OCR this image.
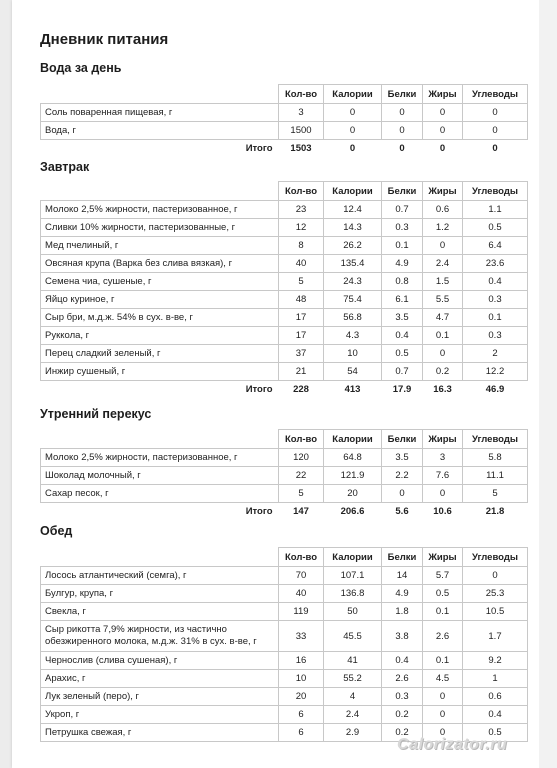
Дневник питания
Вода за день
	Кол-во	Калории	Белки	Жиры	Углеводы
Соль поваренная пищевая, г	3	0	0	0	0
Вода, г	1500	0	0	0	0
Итого	1503	0	0	0	0
Завтрак
	Кол-во	Калории	Белки	Жиры	Углеводы
Молоко 2,5% жирности, пастеризованное, г	23	12.4	0.7	0.6	1.1
Сливки 10% жирности, пастеризованные, г	12	14.3	0.3	1.2	0.5
Мед пчелиный, г	8	26.2	0.1	0	6.4
Овсяная крупа (Варка без слива вязкая), г	40	135.4	4.9	2.4	23.6
Семена чиа, сушеные, г	5	24.3	0.8	1.5	0.4
Яйцо куриное, г	48	75.4	6.1	5.5	0.3
Сыр бри, м.д.ж. 54% в сух. в-ве, г	17	56.8	3.5	4.7	0.1
Руккола, г	17	4.3	0.4	0.1	0.3
Перец сладкий зеленый, г	37	10	0.5	0	2
Инжир сушеный, г	21	54	0.7	0.2	12.2
Итого	228	413	17.9	16.3	46.9
Утренний перекус
	Кол-во	Калории	Белки	Жиры	Углеводы
Молоко 2,5% жирности, пастеризованное, г	120	64.8	3.5	3	5.8
Шоколад молочный, г	22	121.9	2.2	7.6	11.1
Сахар песок, г	5	20	0	0	5
Итого	147	206.6	5.6	10.6	21.8
Обед
	Кол-во	Калории	Белки	Жиры	Углеводы
Лосось атлантический (семга), г	70	107.1	14	5.7	0
Булгур, крупа, г	40	136.8	4.9	0.5	25.3
Свекла, г	119	50	1.8	0.1	10.5
Сыр рикотта 7,9% жирности, из частично обезжиренного молока, м.д.ж. 31% в сух. в-ве, г	33	45.5	3.8	2.6	1.7
Чернослив (слива сушеная), г	16	41	0.4	0.1	9.2
Арахис, г	10	55.2	2.6	4.5	1
Лук зеленый (перо), г	20	4	0.3	0	0.6
Укроп, г	6	2.4	0.2	0	0.4
Петрушка свежая, г	6	2.9	0.2	0	0.5
Calorizator.ru
